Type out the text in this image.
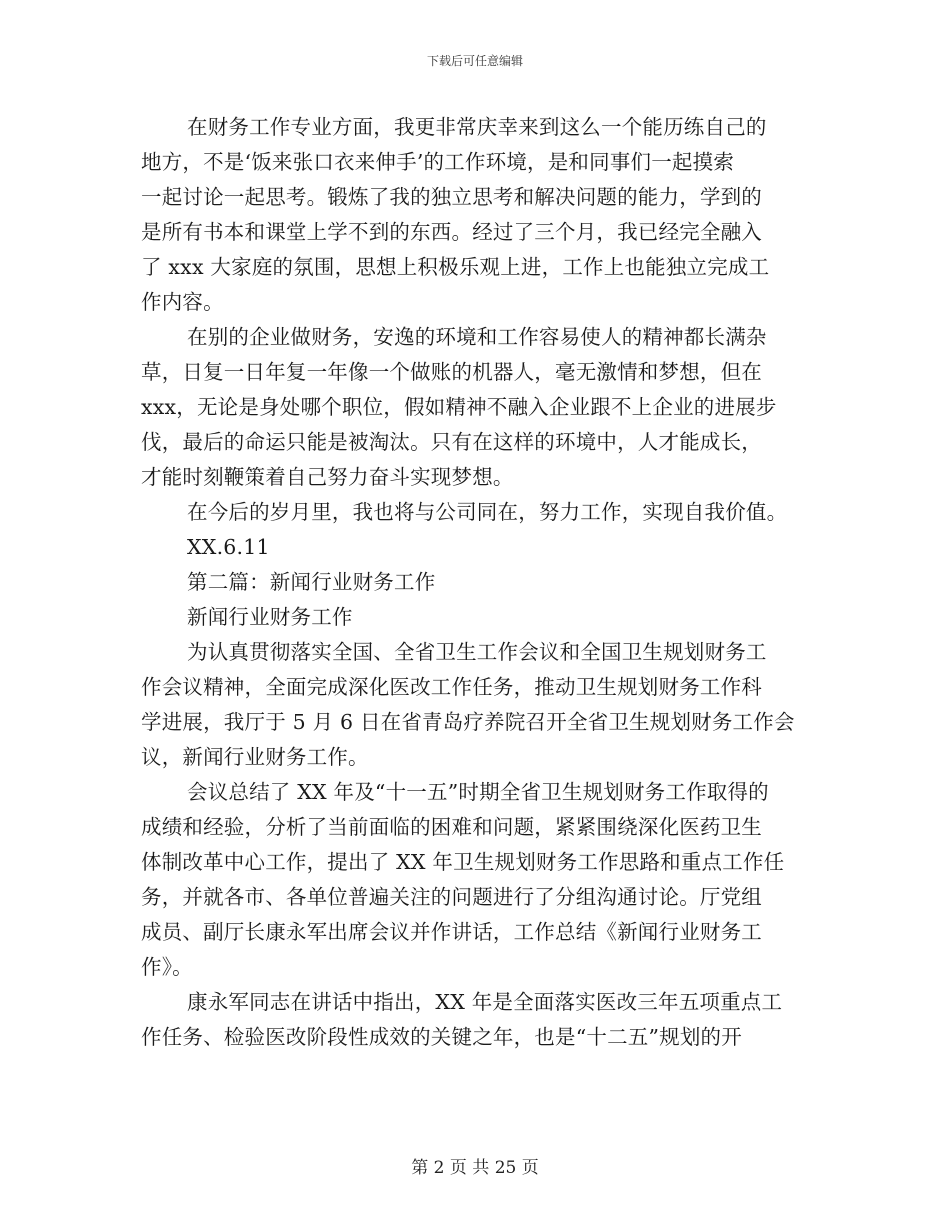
下载后可任意编辑
在财务工作专业方面，我更非常庆幸来到这么一个能历练自己的
地方，不是‘饭来张口衣来伸手’的工作环境，是和同事们一起摸索
一起讨论一起思考。锻炼了我的独立思考和解决问题的能力，学到的
是所有书本和课堂上学不到的东西。经过了三个月，我已经完全融入
了 xxx 大家庭的氛围，思想上积极乐观上进，工作上也能独立完成工
作内容。
在别的企业做财务，安逸的环境和工作容易使人的精神都长满杂
草，日复一日年复一年像一个做账的机器人，毫无激情和梦想，但在
xxx，无论是身处哪个职位，假如精神不融入企业跟不上企业的进展步
伐，最后的命运只能是被淘汰。只有在这样的环境中，人才能成长，
才能时刻鞭策着自己努力奋斗实现梦想。
在今后的岁月里，我也将与公司同在，努力工作，实现自我价值。
XX.6.11
第二篇：新闻行业财务工作
新闻行业财务工作
为认真贯彻落实全国、全省卫生工作会议和全国卫生规划财务工
作会议精神，全面完成深化医改工作任务，推动卫生规划财务工作科
学进展，我厅于 5 月 6 日在省青岛疗养院召开全省卫生规划财务工作会
议，新闻行业财务工作。
会议总结了 XX 年及“十一五”时期全省卫生规划财务工作取得的
成绩和经验，分析了当前面临的困难和问题，紧紧围绕深化医药卫生
体制改革中心工作，提出了 XX 年卫生规划财务工作思路和重点工作任
务，并就各市、各单位普遍关注的问题进行了分组沟通讨论。厅党组
成员、副厅长康永军出席会议并作讲话，工作总结《新闻行业财务工
作》。
康永军同志在讲话中指出，XX 年是全面落实医改三年五项重点工
作任务、检验医改阶段性成效的关键之年，也是“十二五”规划的开
第 2 页 共 25 页
